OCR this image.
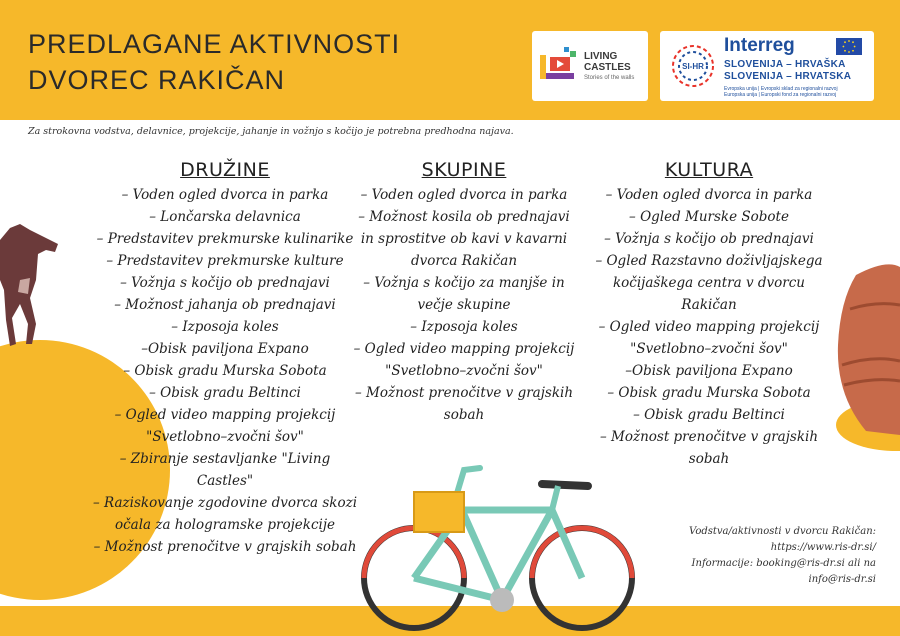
PREDLAGANE AKTIVNOSTI
DVOREC RAKIČAN
LIVING
CASTLES
Stories of the walls
SI-HR
Interreg
SLOVENIJA – HRVAŠKA
SLOVENIJA – HRVATSKA
Evropska unija | Evropski sklad za regionalni razvoj
Europska unija | Europski fond za regionalni razvoj
Za strokovna vodstva, delavnice, projekcije, jahanje in vožnjo s kočijo je potrebna predhodna najava.
DRUŽINE
– Voden ogled dvorca in parka
– Lončarska delavnica
– Predstavitev prekmurske kulinarike
– Predstavitev prekmurske kulture
– Vožnja s kočijo ob prednajavi
– Možnost jahanja ob prednajavi
– Izposoja koles
–Obisk paviljona Expano
– Obisk gradu Murska Sobota
– Obisk gradu Beltinci
– Ogled video mapping projekcij "Svetlobno–zvočni šov"
– Zbiranje sestavljanke "Living Castles"
– Raziskovanje zgodovine dvorca skozi očala za hologramske projekcije
– Možnost prenočitve v grajskih sobah
SKUPINE
– Voden ogled dvorca in parka
– Možnost kosila ob prednajavi in sprostitve ob kavi v kavarni dvorca Rakičan
– Vožnja s kočijo za manjše in večje skupine
– Izposoja koles
– Ogled video mapping projekcij "Svetlobno–zvočni šov"
– Možnost prenočitve v grajskih sobah
KULTURA
– Voden ogled dvorca in parka
– Ogled Murske Sobote
– Vožnja s kočijo ob prednajavi
– Ogled Razstavno doživljajskega kočijaškega centra v dvorcu Rakičan
– Ogled video mapping projekcij "Svetlobno–zvočni šov"
–Obisk paviljona Expano
– Obisk gradu Murska Sobota
– Obisk gradu Beltinci
– Možnost prenočitve v grajskih sobah
Vodstva/aktivnosti v dvorcu Rakičan:
https://www.ris-dr.si/
Informacije: booking@ris-dr.si ali na
info@ris-dr.si
